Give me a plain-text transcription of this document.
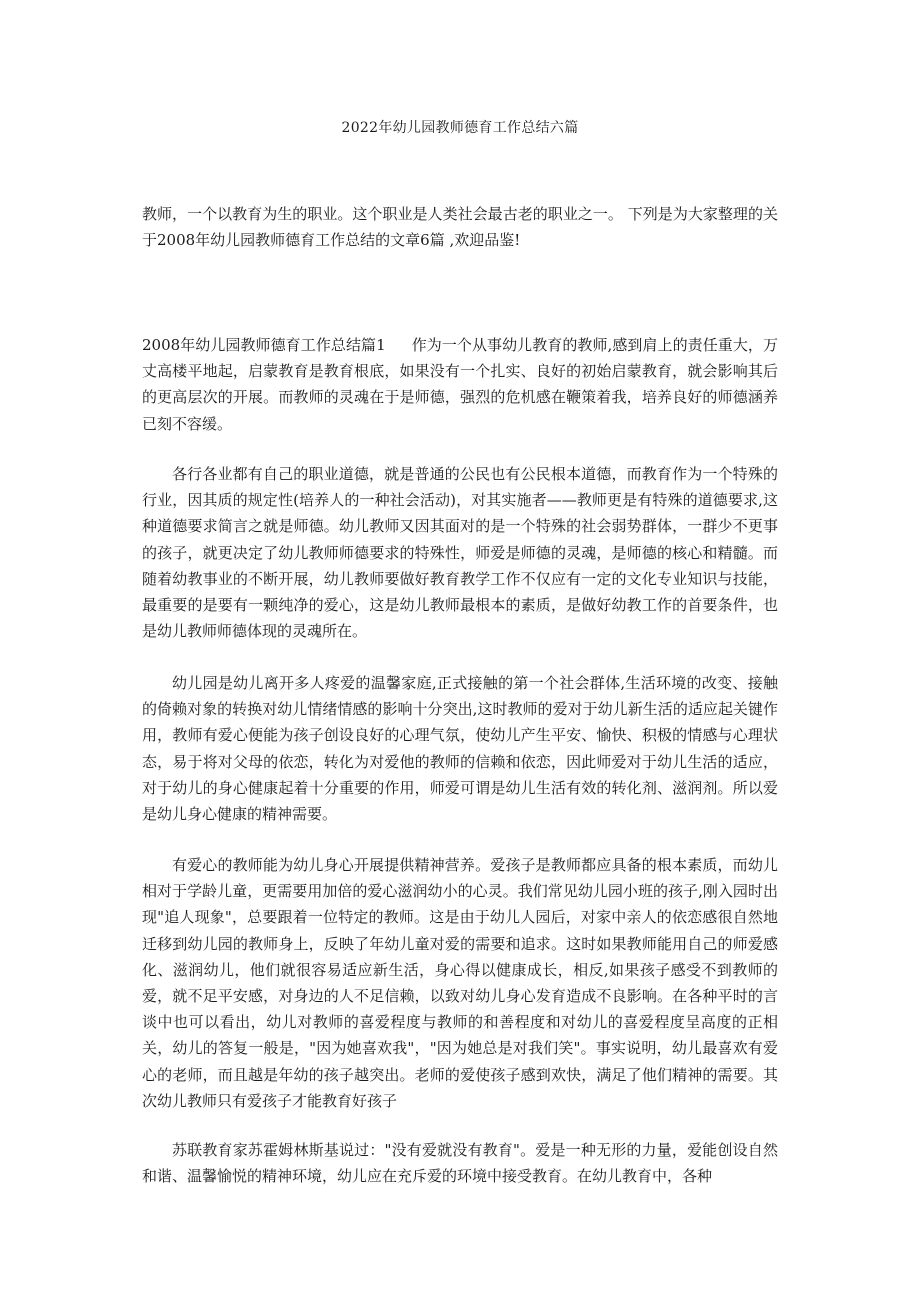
2022年幼儿园教师德育工作总结六篇

教师，一个以教育为生的职业。这个职业是人类社会最古老的职业之一。 下列是为大家整理的关于2008年幼儿园教师德育工作总结的文章6篇 ,欢迎品鉴!

2008年幼儿园教师德育工作总结篇1 作为一个从事幼儿教育的教师,感到肩上的责任重大，万丈高楼平地起，启蒙教育是教育根底，如果没有一个扎实、良好的初始启蒙教育，就会影响其后的更高层次的开展。而教师的灵魂在于是师德，强烈的危机感在鞭策着我，培养良好的师德涵养已刻不容缓。

各行各业都有自己的职业道德，就是普通的公民也有公民根本道德，而教育作为一个特殊的行业，因其质的规定性(培养人的一种社会活动)，对其实施者——教师更是有特殊的道德要求,这种道德要求简言之就是师德。幼儿教师又因其面对的是一个特殊的社会弱势群体，一群少不更事的孩子，就更决定了幼儿教师师德要求的特殊性，师爱是师德的灵魂，是师德的核心和精髓。而随着幼教事业的不断开展，幼儿教师要做好教育教学工作不仅应有一定的文化专业知识与技能，最重要的是要有一颗纯净的爱心，这是幼儿教师最根本的素质，是做好幼教工作的首要条件，也是幼儿教师师德体现的灵魂所在。

幼儿园是幼儿离开多人疼爱的温馨家庭,正式接触的第一个社会群体,生活环境的改变、接触的倚赖对象的转换对幼儿情绪情感的影响十分突出,这时教师的爱对于幼儿新生活的适应起关键作用，教师有爱心便能为孩子创设良好的心理气氛，使幼儿产生平安、愉快、积极的情感与心理状态，易于将对父母的依恋，转化为对爱他的教师的信赖和依恋，因此师爱对于幼儿生活的适应，对于幼儿的身心健康起着十分重要的作用，师爱可谓是幼儿生活有效的转化剂、滋润剂。所以爱是幼儿身心健康的精神需要。

有爱心的教师能为幼儿身心开展提供精神营养。爱孩子是教师都应具备的根本素质，而幼儿相对于学龄儿童，更需要用加倍的爱心滋润幼小的心灵。我们常见幼儿园小班的孩子,刚入园时出现"追人现象"，总要跟着一位特定的教师。这是由于幼儿人园后，对家中亲人的依恋感很自然地迁移到幼儿园的教师身上，反映了年幼儿童对爱的需要和追求。这时如果教师能用自己的师爱感化、滋润幼儿，他们就很容易适应新生活，身心得以健康成长，相反,如果孩子感受不到教师的爱，就不足平安感，对身边的人不足信赖，以致对幼儿身心发育造成不良影响。在各种平时的言谈中也可以看出，幼儿对教师的喜爱程度与教师的和善程度和对幼儿的喜爱程度呈高度的正相关，幼儿的答复一般是，"因为她喜欢我"，"因为她总是对我们笑"。事实说明，幼儿最喜欢有爱心的老师，而且越是年幼的孩子越突出。老师的爱使孩子感到欢快，满足了他们精神的需要。其次幼儿教师只有爱孩子才能教育好孩子

苏联教育家苏霍姆林斯基说过："没有爱就没有教育"。爱是一种无形的力量，爱能创设自然和谐、温馨愉悦的精神环境，幼儿应在充斥爱的环境中接受教育。在幼儿教育中，各种
